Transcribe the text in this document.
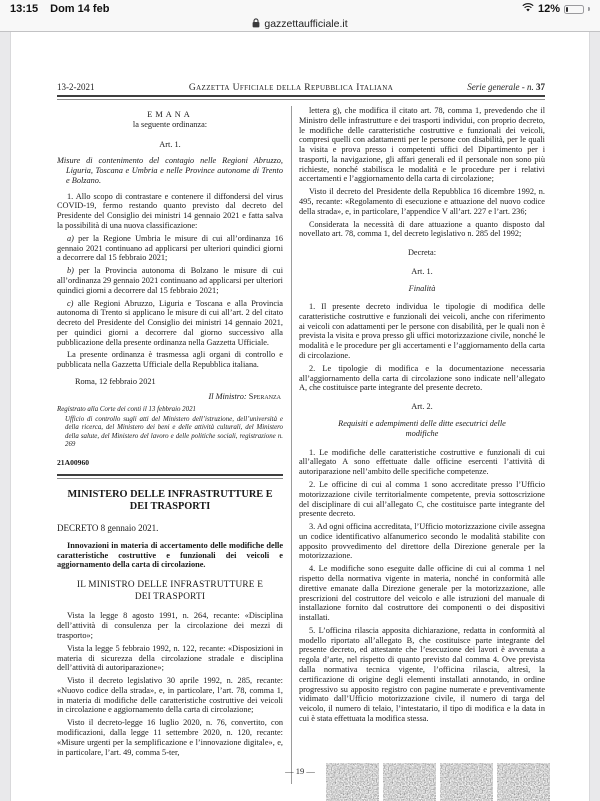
13:15 Dom 14 feb	12%
gazzettaufficiale.it
13-2-2021	Gazzetta Ufficiale della Repubblica Italiana	Serie generale - n. 37

EMANA

la seguente ordinanza:

Art. 1.

Misure di contenimento del contagio nelle Regioni Abruzzo, Liguria, Toscana e Umbria e nelle Province autonome di Trento e Bolzano.

1. Allo scopo di contrastare e contenere il diffondersi del virus COVID-19, fermo restando quanto previsto dal decreto del Presidente del Consiglio dei ministri 14 gennaio 2021 e fatta salva la possibilità di una nuova classificazione:

a) per la Regione Umbria le misure di cui all’ordinanza 16 gennaio 2021 continuano ad applicarsi per ulteriori quindici giorni a decorrere dal 15 febbraio 2021;

b) per la Provincia autonoma di Bolzano le misure di cui all’ordinanza 29 gennaio 2021 continuano ad applicarsi per ulteriori quindici giorni a decorrere dal 15 febbraio 2021;

c) alle Regioni Abruzzo, Liguria e Toscana e alla Provincia autonoma di Trento si applicano le misure di cui all’art. 2 del citato decreto del Presidente del Consiglio dei ministri 14 gennaio 2021, per quindici giorni a decorrere dal giorno successivo alla pubblicazione della presente ordinanza nella Gazzetta Ufficiale.

La presente ordinanza è trasmessa agli organi di controllo e pubblicata nella Gazzetta Ufficiale della Repubblica italiana.

Roma, 12 febbraio 2021

Il Ministro: Speranza

Registrato alla Corte dei conti il 13 febbraio 2021

Ufficio di controllo sugli atti del Ministero dell’istruzione, dell’università e della ricerca, del Ministero dei beni e delle attività culturali, del Ministero della salute, del Ministero del lavoro e delle politiche sociali, registrazione n. 269

21A00960

MINISTERO DELLE INFRASTRUTTURE E DEI TRASPORTI

DECRETO 8 gennaio 2021.

Innovazioni in materia di accertamento delle modifiche delle caratteristiche costruttive e funzionali dei veicoli e aggiornamento della carta di circolazione.

IL MINISTRO DELLE INFRASTRUTTURE E DEI TRASPORTI

Vista la legge 8 agosto 1991, n. 264, recante: «Disciplina dell’attività di consulenza per la circolazione dei mezzi di trasporto»;

Vista la legge 5 febbraio 1992, n. 122, recante: «Disposizioni in materia di sicurezza della circolazione stradale e disciplina dell’attività di autoriparazione»;

Visto il decreto legislativo 30 aprile 1992, n. 285, recante: «Nuovo codice della strada», e, in particolare, l’art. 78, comma 1, in materia di modifiche delle caratteristiche costruttive dei veicoli in circolazione e aggiornamento della carta di circolazione;

Visto il decreto-legge 16 luglio 2020, n. 76, convertito, con modificazioni, dalla legge 11 settembre 2020, n. 120, recante: «Misure urgenti per la semplificazione e l’innovazione digitale», e, in particolare, l’art. 49, comma 5-ter,

lettera g), che modifica il citato art. 78, comma 1, prevedendo che il Ministro delle infrastrutture e dei trasporti individui, con proprio decreto, le modifiche delle caratteristiche costruttive e funzionali dei veicoli, compresi quelli con adattamenti per le persone con disabilità, per le quali la visita e prova presso i competenti uffici del Dipartimento per i trasporti, la navigazione, gli affari generali ed il personale non sono più richieste, nonché stabilisca le modalità e le procedure per i relativi accertamenti e l’aggiornamento della carta di circolazione;

Visto il decreto del Presidente della Repubblica 16 dicembre 1992, n. 495, recante: «Regolamento di esecuzione e attuazione del nuovo codice della strada», e, in particolare, l’appendice V all’art. 227 e l’art. 236;

Considerata la necessità di dare attuazione a quanto disposto dal novellato art. 78, comma 1, del decreto legislativo n. 285 del 1992;

Decreta:

Art. 1.

Finalità

1. Il presente decreto individua le tipologie di modifica delle caratteristiche costruttive e funzionali dei veicoli, anche con riferimento ai veicoli con adattamenti per le persone con disabilità, per le quali non è prevista la visita e prova presso gli uffici motorizzazione civile, nonché le modalità e le procedure per gli accertamenti e l’aggiornamento della carta di circolazione.

2. Le tipologie di modifica e la documentazione necessaria all’aggiornamento della carta di circolazione sono indicate nell’allegato A, che costituisce parte integrante del presente decreto.

Art. 2.

Requisiti e adempimenti delle ditte esecutrici delle modifiche

1. Le modifiche delle caratteristiche costruttive e funzionali di cui all’allegato A sono effettuate dalle officine esercenti l’attività di autoriparazione nell’ambito delle specifiche competenze.

2. Le officine di cui al comma 1 sono accreditate presso l’Ufficio motorizzazione civile territorialmente competente, previa sottoscrizione del disciplinare di cui all’allegato C, che costituisce parte integrante del presente decreto.

3. Ad ogni officina accreditata, l’Ufficio motorizzazione civile assegna un codice identificativo alfanumerico secondo le modalità stabilite con apposito provvedimento del direttore della Direzione generale per la motorizzazione.

4. Le modifiche sono eseguite dalle officine di cui al comma 1 nel rispetto della normativa vigente in materia, nonché in conformità alle direttive emanate dalla Direzione generale per la motorizzazione, alle prescrizioni del costruttore del veicolo e alle istruzioni del manuale di installazione fornito dal costruttore dei componenti o dei dispositivi installati.

5. L’officina rilascia apposita dichiarazione, redatta in conformità al modello riportato all’allegato B, che costituisce parte integrante del presente decreto, ed attestante che l’esecuzione dei lavori è avvenuta a regola d’arte, nel rispetto di quanto previsto dal comma 4. Ove prevista dalla normativa tecnica vigente, l’officina rilascia, altresì, la certificazione di origine degli elementi installati annotando, in ordine progressivo su apposito registro con pagine numerate e preventivamente vidimato dall’Ufficio motorizzazione civile, il numero di targa del veicolo, il numero di telaio, l’intestatario, il tipo di modifica e la data in cui è stata effettuata la modifica stessa.

— 19 —
